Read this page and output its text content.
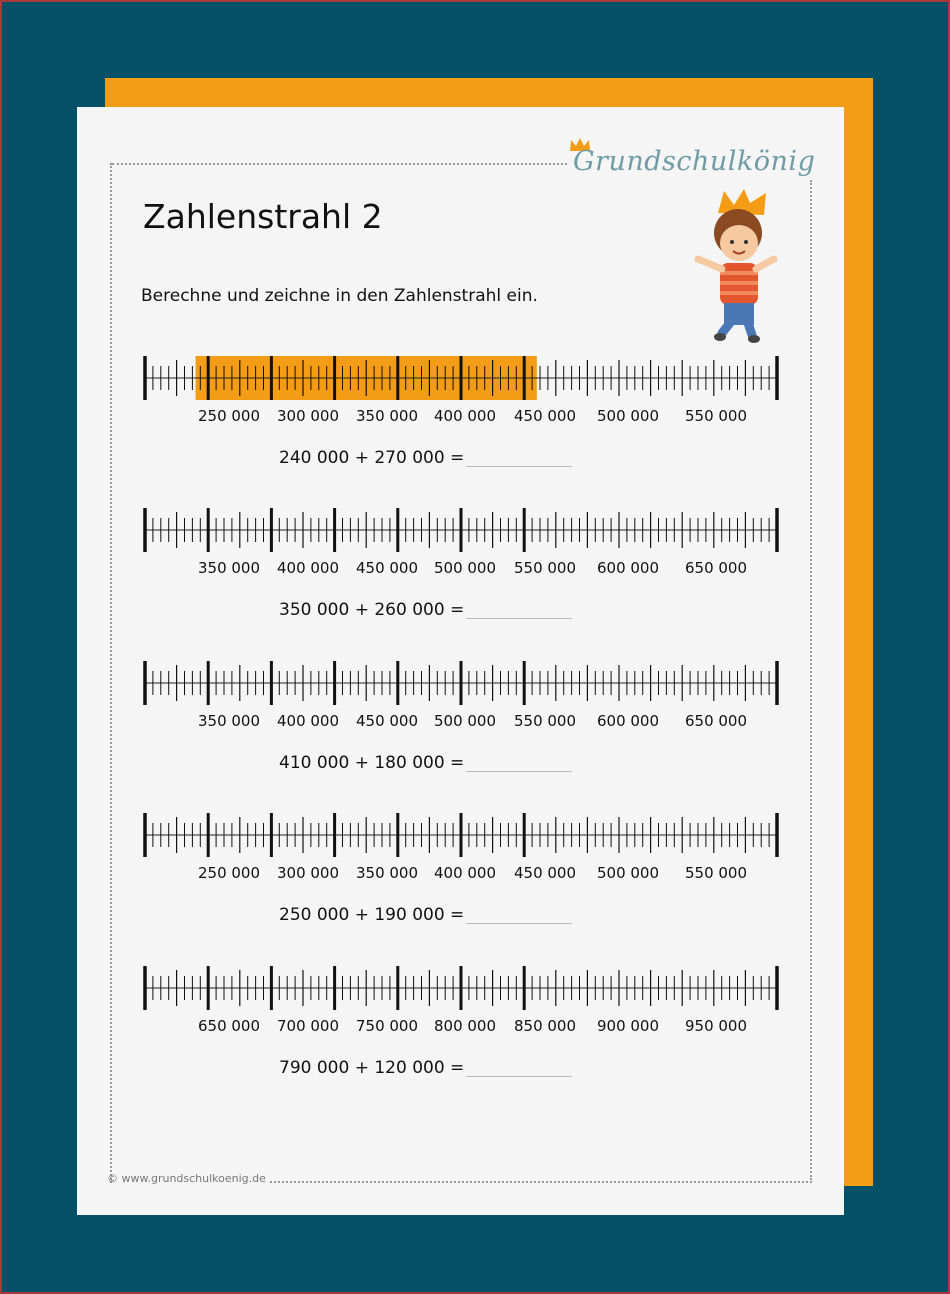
Grundschulkönig
Zahlenstrahl 2
Berechne und zeichne in den Zahlenstrahl ein.
250 000 300 000 350 000 400 000 450 000 500 000 550 000
240 000 + 270 000 =
350 000 400 000 450 000 500 000 550 000 600 000 650 000
350 000 + 260 000 =
350 000 400 000 450 000 500 000 550 000 600 000 650 000
410 000 + 180 000 =
250 000 300 000 350 000 400 000 450 000 500 000 550 000
250 000 + 190 000 =
650 000 700 000 750 000 800 000 850 000 900 000 950 000
790 000 + 120 000 =
© www.grundschulkoenig.de
